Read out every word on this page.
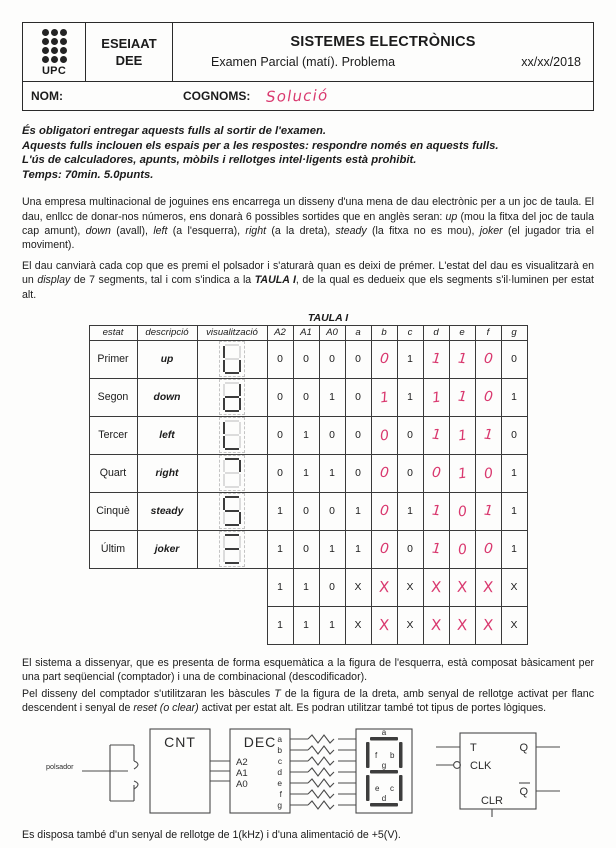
UPC
ESEIAAT
DEE
SISTEMES ELECTRÒNICS
Examen Parcial (matí). Problema	xx/xx/2018
NOM:	COGNOMS: Solució
És obligatori entregar aquests fulls al sortir de l'examen.
Aquests fulls inclouen els espais per a les respostes: respondre només en aquests fulls.
L'ús de calculadores, apunts, mòbils i rellotges intel·ligents està prohibit.
Temps: 70min. 5.0punts.
Una empresa multinacional de joguines ens encarrega un disseny d'una mena de dau electrònic per a un joc de taula. El dau, enllcc de donar-nos números, ens donarà 6 possibles sortides que en anglès seran: up (mou la fitxa del joc de taula cap amunt), down (avall), left (a l'esquerra), right (a la dreta), steady (la fitxa no es mou), joker (el jugador tria el moviment).
El dau canviarà cada cop que es premi el polsador i s'aturarà quan es deixi de prémer. L'estat del dau es visualitzarà en un display de 7 segments, tal i com s'indica a la TAULA I, de la qual es dedueix que els segments s'il·luminen per estat alt.
TAULA I
estat	descripció	visualització	A2	A1	A0	a	b	c	d	e	f	g
Primer	up		0	0	0	0	0	1	1	1	0	0
Segon	down		0	0	1	0	1	1	1	1	0	1
Tercer	left		0	1	0	0	0	0	1	1	1	0
Quart	right		0	1	1	0	0	0	0	1	0	1
Cinquè	steady		1	0	0	1	0	1	1	0	1	1
Últim	joker		1	0	1	1	0	0	1	0	0	1
			1	1	0	X	X	X	X	X	X	X
			1	1	1	X	X	X	X	X	X	X
El sistema a dissenyar, que es presenta de forma esquemàtica a la figura de l'esquerra, està composat bàsicament per una part seqüencial (comptador) i una de combinacional (descodificador).
Pel disseny del comptador s'utilitzaran les bàscules T de la figura de la dreta, amb senyal de rellotge activat per flanc descendent i senyal de reset (o clear) activat per estat alt. Es podran utilitzar també tot tipus de portes lògiques.
polsador
CNT	DEC
A2
A1
A0
a
b
c
d
e
f
g
a
f b
g
e c
d
T
CLK
CLR
Q
Q
Es disposa també d'un senyal de rellotge de 1(kHz) i d'una alimentació de +5(V).
